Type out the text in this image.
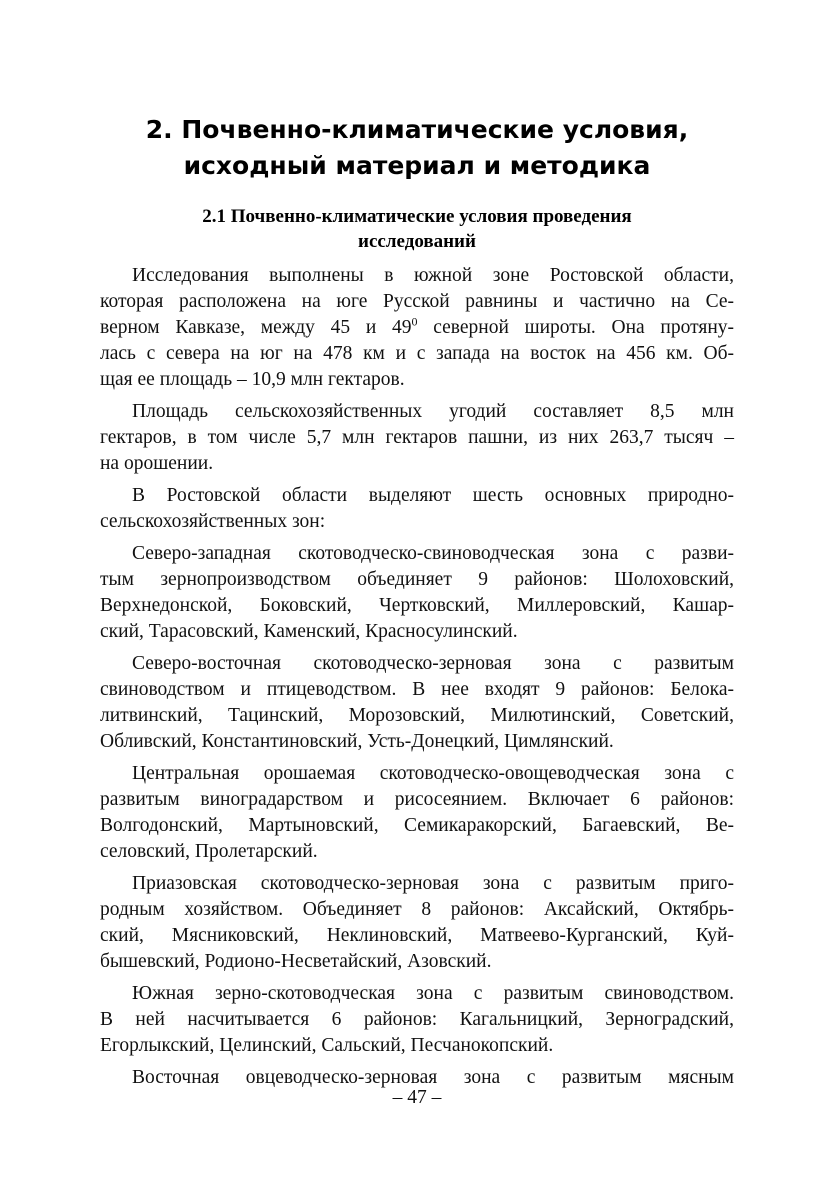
2. Почвенно-климатические условия,
исходный материал и методика
2.1 Почвенно-климатические условия проведения
исследований

Исследования выполнены в южной зоне Ростовской области,
которая расположена на юге Русской равнины и частично на Се-
верном Кавказе, между 45 и $49^0$ севеpной широты. Она протяну-
лась с севера на юг на 478 км и с запада на восток на 456 км. Об-
щая ее площадь – 10,9 млн гектаров.

Площадь сельскохозяйственных угодий составляет 8,5 млн
гектаров, в том числе 5,7 млн гектаров пашни, из них 263,7 тысяч –
на орошении.

В Ростовской области выделяют шесть основных природно-
сельскохозяйственных зон:

Северо-западная скотоводческо-свиноводческая зона с разви-
тым зернопроизводством объединяет 9 районов: Шолоховский,
Верхнедонской, Боковский, Чертковский, Миллеровский, Кашар-
ский, Тарасовский, Каменский, Красносулинский.

Северо-восточная скотоводческо-зерновая зона с развитым
свиноводством и птицеводством. В нее входят 9 районов: Белока-
литвинский, Тацинский, Морозовский, Милютинский, Советский,
Обливский, Константиновский, Усть-Донецкий, Цимлянский.

Центральная орошаемая скотоводческо-овощеводческая зона с
развитым виноградарством и рисосеянием. Включает 6 районов:
Волгодонский, Мартыновский, Семикаракорский, Багаевский, Ве-
селовский, Пролетарский.

Приазовская скотоводческо-зерновая зона с развитым приго-
родным хозяйством. Объединяет 8 районов: Аксайский, Октябрь-
ский, Мясниковский, Неклиновский, Матвеево-Курганский, Куй-
бышевский, Родионо-Несветайский, Азовский.

Южная зерно-скотоводческая зона с развитым свиноводством.
В ней насчитывается 6 районов: Кагальницкий, Зерноградский,
Егорлыкский, Целинский, Сальский, Песчанокопский.

Восточная овцеводческо-зерновая зона с развитым мясным

– 47 –
